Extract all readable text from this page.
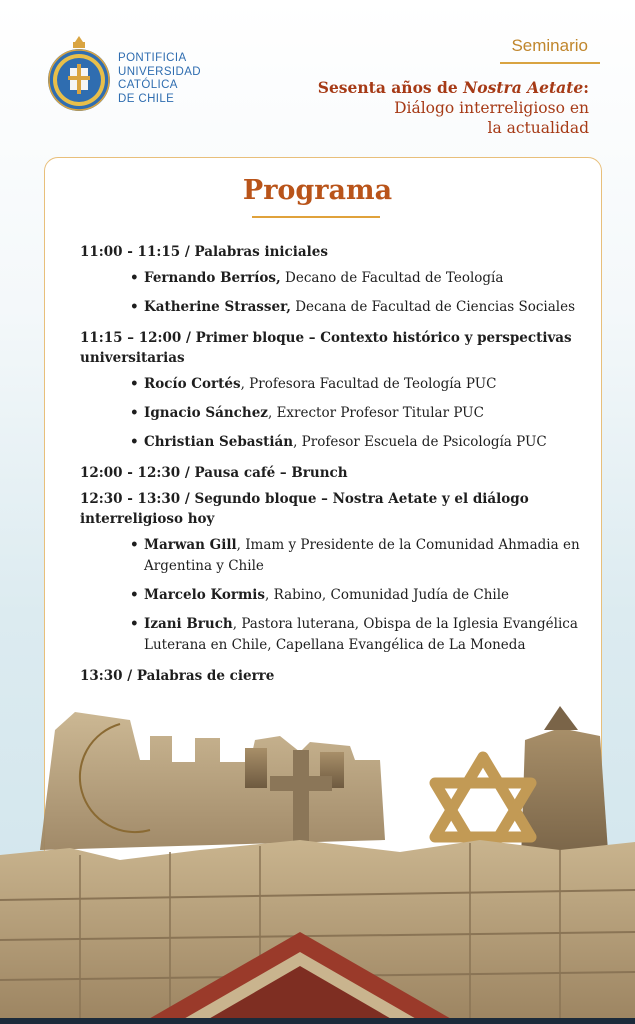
PONTIFICIA
UNIVERSIDAD
CATÓLICA
DE CHILE
Seminario
Sesenta años de Nostra Aetate:
Diálogo interreligioso en
la actualidad
Programa
11:00 - 11:15 / Palabras iniciales
• Fernando Berríos, Decano de Facultad de Teología
• Katherine Strasser, Decana de Facultad de Ciencias Sociales
11:15 – 12:00 / Primer bloque – Contexto histórico y perspectivas universitarias
• Rocío Cortés, Profesora Facultad de Teología PUC
• Ignacio Sánchez, Exrector Profesor Titular PUC
• Christian Sebastián, Profesor Escuela de Psicología PUC
12:00 - 12:30 / Pausa café – Brunch
12:30 - 13:30 / Segundo bloque – Nostra Aetate y el diálogo interreligioso hoy
• Marwan Gill, Imam y Presidente de la Comunidad Ahmadia en Argentina y Chile
• Marcelo Kormis, Rabino, Comunidad Judía de Chile
• Izani Bruch, Pastora luterana, Obispa de la Iglesia Evangélica Luterana en Chile, Capellana Evangélica de La Moneda
13:30 / Palabras de cierre
